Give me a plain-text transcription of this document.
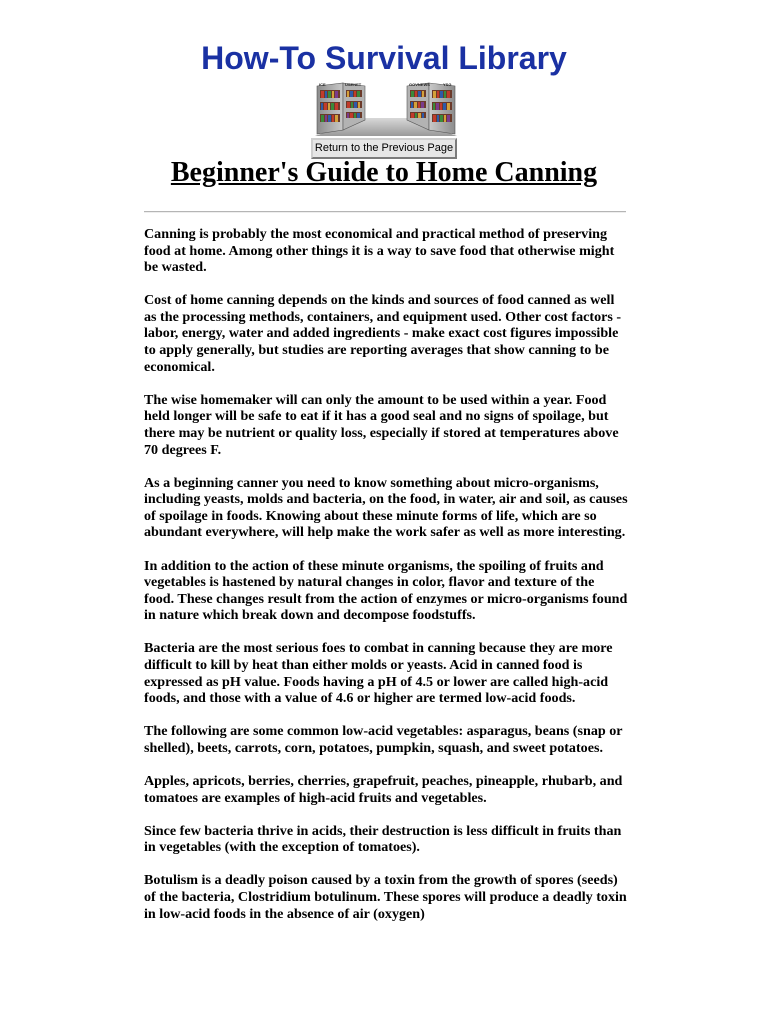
How-To Survival Library
ICE	USENET	GOVNEWS	YSG
Return to the Previous Page
Beginner's Guide to Home Canning

Canning is probably the most economical and practical method of preserving food at home. Among other things it is a way to save food that otherwise might be wasted.

Cost of home canning depends on the kinds and sources of food canned as well as the processing methods, containers, and equipment used. Other cost factors - labor, energy, water and added ingredients - make exact cost figures impossible to apply generally, but studies are reporting averages that show canning to be economical.

The wise homemaker will can only the amount to be used within a year. Food held longer will be safe to eat if it has a good seal and no signs of spoilage, but there may be nutrient or quality loss, especially if stored at temperatures above 70 degrees F.

As a beginning canner you need to know something about micro-organisms, including yeasts, molds and bacteria, on the food, in water, air and soil, as causes of spoilage in foods. Knowing about these minute forms of life, which are so abundant everywhere, will help make the work safer as well as more interesting.

In addition to the action of these minute organisms, the spoiling of fruits and vegetables is hastened by natural changes in color, flavor and texture of the food. These changes result from the action of enzymes or micro-organisms found in nature which break down and decompose foodstuffs.

Bacteria are the most serious foes to combat in canning because they are more difficult to kill by heat than either molds or yeasts. Acid in canned food is expressed as pH value. Foods having a pH of 4.5 or lower are called high-acid foods, and those with a value of 4.6 or higher are termed low-acid foods.

The following are some common low-acid vegetables: asparagus, beans (snap or shelled), beets, carrots, corn, potatoes, pumpkin, squash, and sweet potatoes.

Apples, apricots, berries, cherries, grapefruit, peaches, pineapple, rhubarb, and tomatoes are examples of high-acid fruits and vegetables.

Since few bacteria thrive in acids, their destruction is less difficult in fruits than in vegetables (with the exception of tomatoes).

Botulism is a deadly poison caused by a toxin from the growth of spores (seeds) of the bacteria, Clostridium botulinum. These spores will produce a deadly toxin in low-acid foods in the absence of air (oxygen)
